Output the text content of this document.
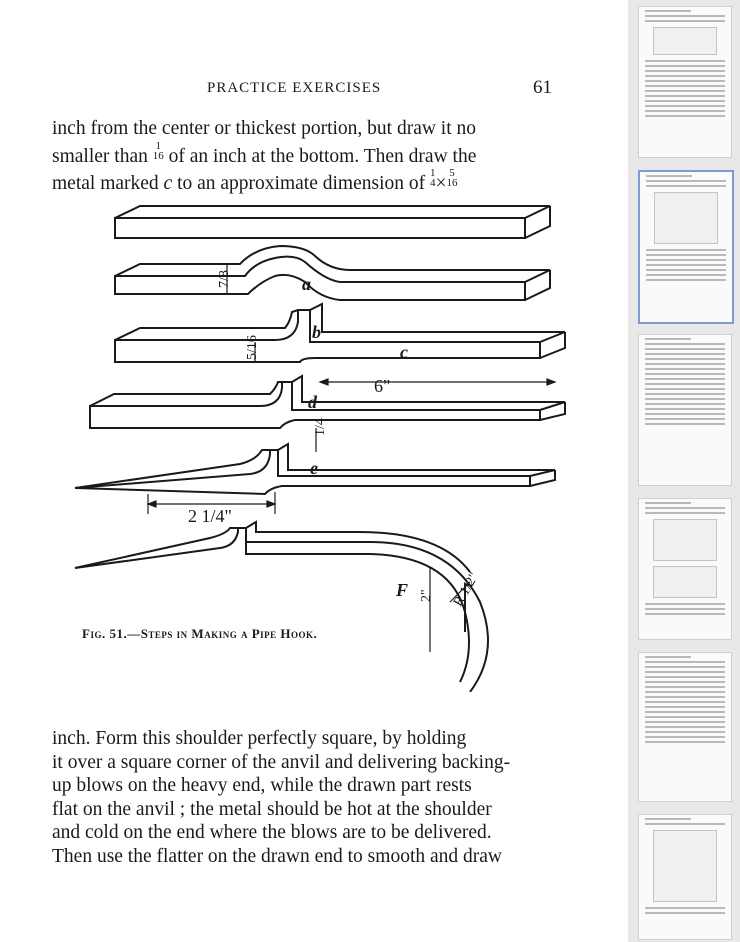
PRACTICE EXERCISES	61

inch from the center or thickest portion, but draw it no
smaller than 1
16 of an inch at the bottom. Then draw the
metal marked c to an approximate dimension of 1
4 × 5
16

a
b
c
d
e
F
7/8
5/16
1/4
6"
2 1/4"
2" R 1/2"
Fig. 51.—Steps in Making a Pipe Hook.

inch. Form this shoulder perfectly square, by holding
it over a square corner of the anvil and delivering backing-
up blows on the heavy end, while the drawn part rests
flat on the anvil ; the metal should be hot at the shoulder
and cold on the end where the blows are to be delivered.
Then use the flatter on the drawn end to smooth and draw
